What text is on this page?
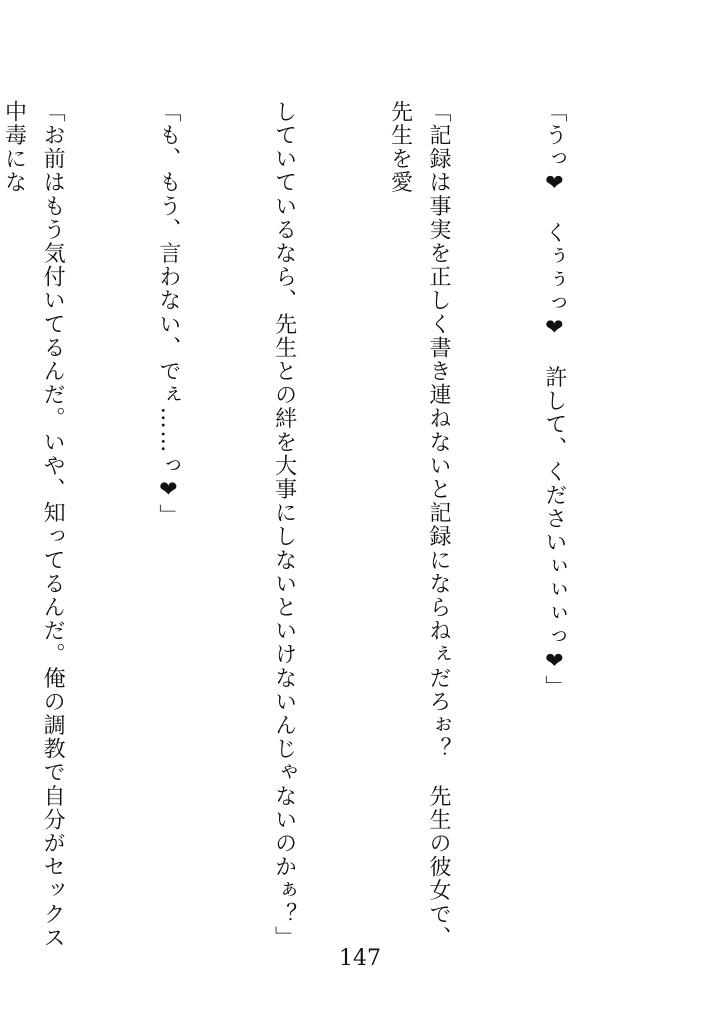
「うっ❤　くぅぅっ❤　許して、くださいぃぃぃっ❤」

「記録は事実を正しく書き連ねないと記録にならねぇだろぉ？　先生の彼女で、先生を愛

していているなら、先生との絆を大事にしないといけないんじゃないのかぁ？」

「も、もう、言わない、でぇ……っ❤」

「お前はもう気付いてるんだ。いや、知ってるんだ。俺の調教で自分がセックス中毒にな

147
